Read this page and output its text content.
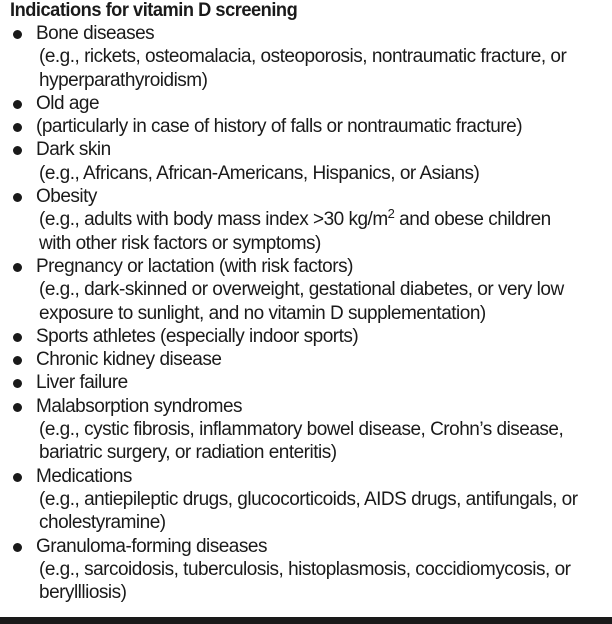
Indications for vitamin D screening
Bone diseases
(e.g., rickets, osteomalacia, osteoporosis, nontraumatic fracture, or
hyperparathyroidism)
Old age
(particularly in case of history of falls or nontraumatic fracture)
Dark skin
(e.g., Africans, African-Americans, Hispanics, or Asians)
Obesity
(e.g., adults with body mass index >30 $kg/m^2$ and obese children
with other risk factors or symptoms)
Pregnancy or lactation (with risk factors)
(e.g., dark-skinned or overweight, gestational diabetes, or very low
exposure to sunlight, and no vitamin D supplementation)
Sports athletes (especially indoor sports)
Chronic kidney disease
Liver failure
Malabsorption syndromes
(e.g., cystic fibrosis, inflammatory bowel disease, Crohn’s disease,
bariatric surgery, or radiation enteritis)
Medications
(e.g., antiepileptic drugs, glucocorticoids, AIDS drugs, antifungals, or
cholestyramine)
Granuloma-forming diseases
(e.g., sarcoidosis, tuberculosis, histoplasmosis, coccidiomycosis, or
beryllliosis)
